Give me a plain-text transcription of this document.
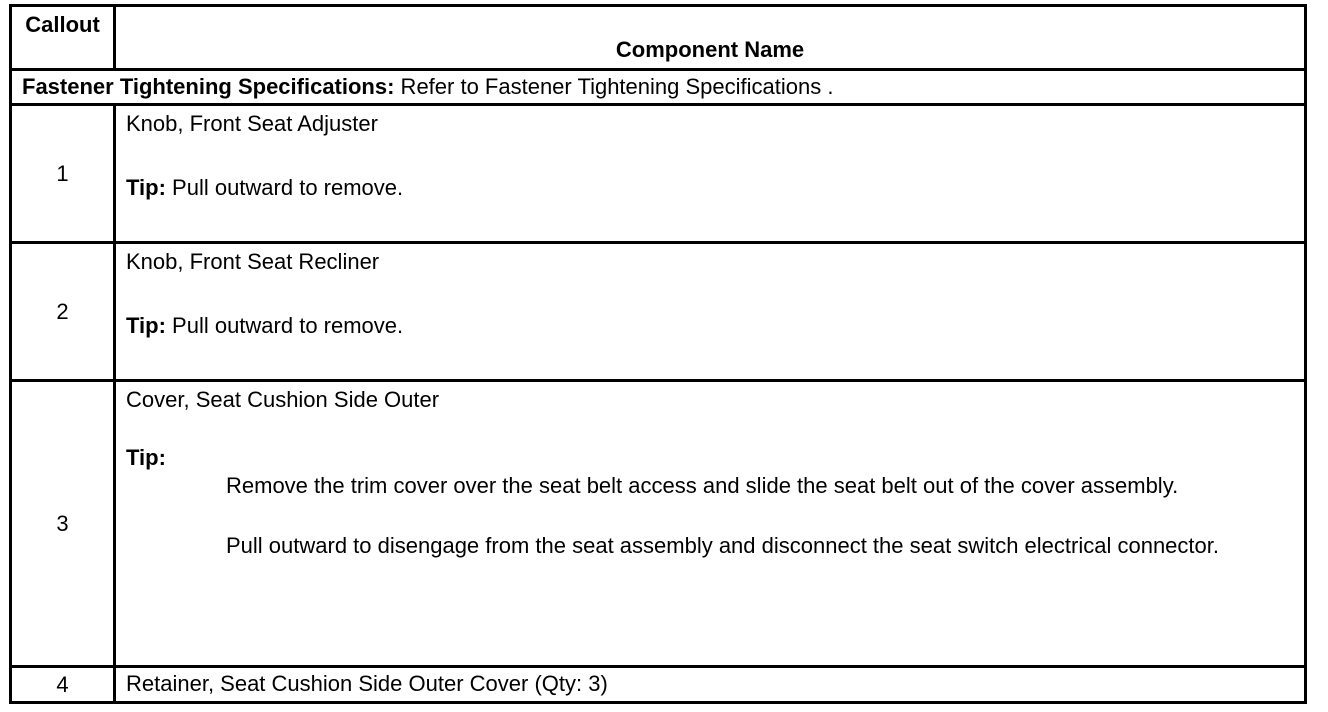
Callout	Component Name
Fastener Tightening Specifications: Refer to Fastener Tightening Specifications .	
1	Knob, Front Seat Adjuster
Tip: Pull outward to remove.

2	Knob, Front Seat Recliner
Tip: Pull outward to remove.

3	Cover, Seat Cushion Side Outer
Tip:

Remove the trim cover over the seat belt access and slide the seat belt out of the cover assembly.

Pull outward to disengage from the seat assembly and disconnect the seat switch electrical connector.

4	Retainer, Seat Cushion Side Outer Cover (Qty: 3)
